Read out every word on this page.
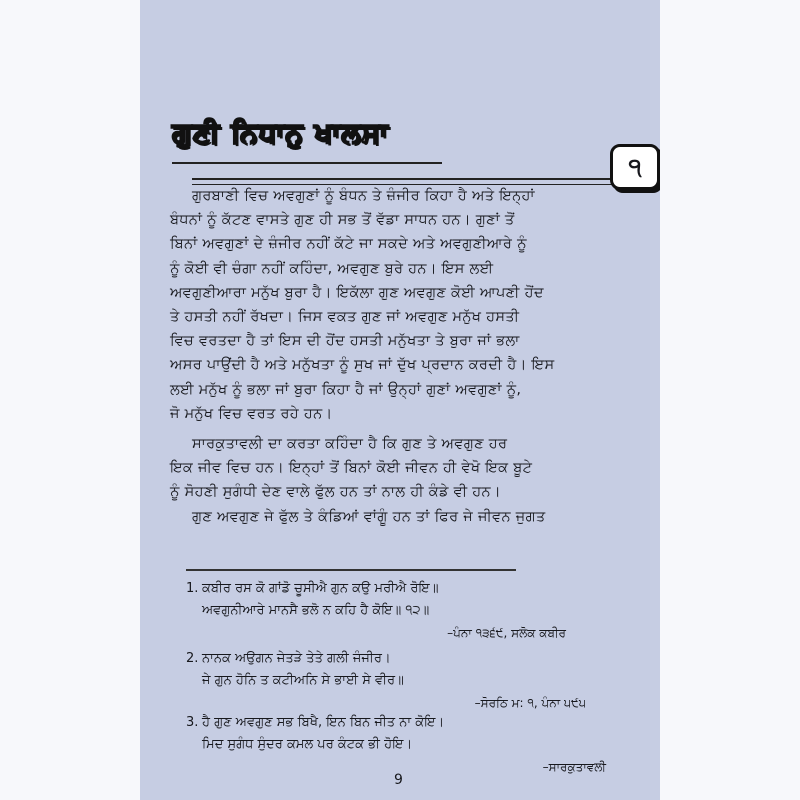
ਗੁਣੀ ਨਿਧਾਨੁ ਖਾਲਸਾ
੧

ਗੁਰਬਾਣੀ ਵਿਚ ਅਵਗੁਣਾਂ ਨੂੰ ਬੰਧਨ ਤੇ ਜ਼ੰਜੀਰ ਕਿਹਾ ਹੈ ਅਤੇ ਇਨ੍ਹਾਂ

ਬੰਧਨਾਂ ਨੂੰ ਕੱਟਣ ਵਾਸਤੇ ਗੁਣ ਹੀ ਸਭ ਤੋਂ ਵੱਡਾ ਸਾਧਨ ਹਨ। ਗੁਣਾਂ ਤੋਂ

ਬਿਨਾਂ ਅਵਗੁਣਾਂ ਦੇ ਜ਼ੰਜੀਰ ਨਹੀਂ ਕੱਟੇ ਜਾ ਸਕਦੇ ਅਤੇ ਅਵਗੁਣੀਆਰੇ ਨੂੰ

ਨੂੰ ਕੋਈ ਵੀ ਚੰਗਾ ਨਹੀਂ ਕਹਿੰਦਾ, ਅਵਗੁਣ ਬੁਰੇ ਹਨ। ਇਸ ਲਈ

ਅਵਗੁਣੀਆਰਾ ਮਨੁੱਖ ਬੁਰਾ ਹੈ। ਇਕੱਲਾ ਗੁਣ ਅਵਗੁਣ ਕੋਈ ਆਪਣੀ ਹੋਂਦ

ਤੇ ਹਸਤੀ ਨਹੀਂ ਰੱਖਦਾ। ਜਿਸ ਵਕਤ ਗੁਣ ਜਾਂ ਅਵਗੁਣ ਮਨੁੱਖ ਹਸਤੀ

ਵਿਚ ਵਰਤਦਾ ਹੈ ਤਾਂ ਇਸ ਦੀ ਹੋਂਦ ਹਸਤੀ ਮਨੁੱਖਤਾ ਤੇ ਬੁਰਾ ਜਾਂ ਭਲਾ

ਅਸਰ ਪਾਉਂਦੀ ਹੈ ਅਤੇ ਮਨੁੱਖਤਾ ਨੂੰ ਸੁਖ ਜਾਂ ਦੁੱਖ ਪ੍ਰਦਾਨ ਕਰਦੀ ਹੈ। ਇਸ

ਲਈ ਮਨੁੱਖ ਨੂੰ ਭਲਾ ਜਾਂ ਬੁਰਾ ਕਿਹਾ ਹੈ ਜਾਂ ਉਨ੍ਹਾਂ ਗੁਣਾਂ ਅਵਗੁਣਾਂ ਨੂੰ,

ਜੋ ਮਨੁੱਖ ਵਿਚ ਵਰਤ ਰਹੇ ਹਨ।

ਸਾਰਕੁਤਾਵਲੀ ਦਾ ਕਰਤਾ ਕਹਿੰਦਾ ਹੈ ਕਿ ਗੁਣ ਤੇ ਅਵਗੁਣ ਹਰ

ਇਕ ਜੀਵ ਵਿਚ ਹਨ। ਇਨ੍ਹਾਂ ਤੋਂ ਬਿਨਾਂ ਕੋਈ ਜੀਵਨ ਹੀ ਵੇਖੋ ਇਕ ਬੂਟੇ

ਨੂੰ ਸੋਹਣੀ ਸੁਗੰਧੀ ਦੇਣ ਵਾਲੇ ਫੁੱਲ ਹਨ ਤਾਂ ਨਾਲ ਹੀ ਕੰਡੇ ਵੀ ਹਨ।

ਗੁਣ ਅਵਗੁਣ ਜੇ ਫੁੱਲ ਤੇ ਕੰਡਿਆਂ ਵਾਂਗੂੰ ਹਨ ਤਾਂ ਫਿਰ ਜੇ ਜੀਵਨ ਜੁਗਤ

1. ਕਬੀਰ ਰਸ ਕੋ ਗਾਂਡੋ ਚੂਸੀਐ ਗੁਨ ਕਉ ਮਰੀਐ ਰੋਇ॥
ਅਵਗੁਨੀਆਰੇ ਮਾਨਸੈ ਭਲੋ ਨ ਕਹਿ ਹੈ ਕੋਇ॥ ੧੨॥
–ਪੰਨਾ ੧੩੬੯, ਸਲੋਕ ਕਬੀਰ
2. ਨਾਨਕ ਅਉਗਨ ਜੇਤੜੇ ਤੇਤੇ ਗਲੀ ਜੰਜੀਰ।
ਜੇ ਗੁਨ ਹੋਨਿ ਤ ਕਟੀਅਨਿ ਸੇ ਭਾਈ ਸੇ ਵੀਰ॥
–ਸੋਰਠਿ ਮ: ੧, ਪੰਨਾ ੫੯੫
3. ਹੈ ਗੁਣ ਅਵਗੁਣ ਸਭ ਬਿਖੈ, ਇਨ ਬਿਨ ਜੀਤ ਨਾ ਕੋਇ।
ਮਿਦ ਸੁਗੰਧ ਸੁੰਦਰ ਕਮਲ ਪਰ ਕੰਟਕ ਭੀ ਹੋਇ।
–ਸਾਰਕੁਤਾਵਲੀ
9
